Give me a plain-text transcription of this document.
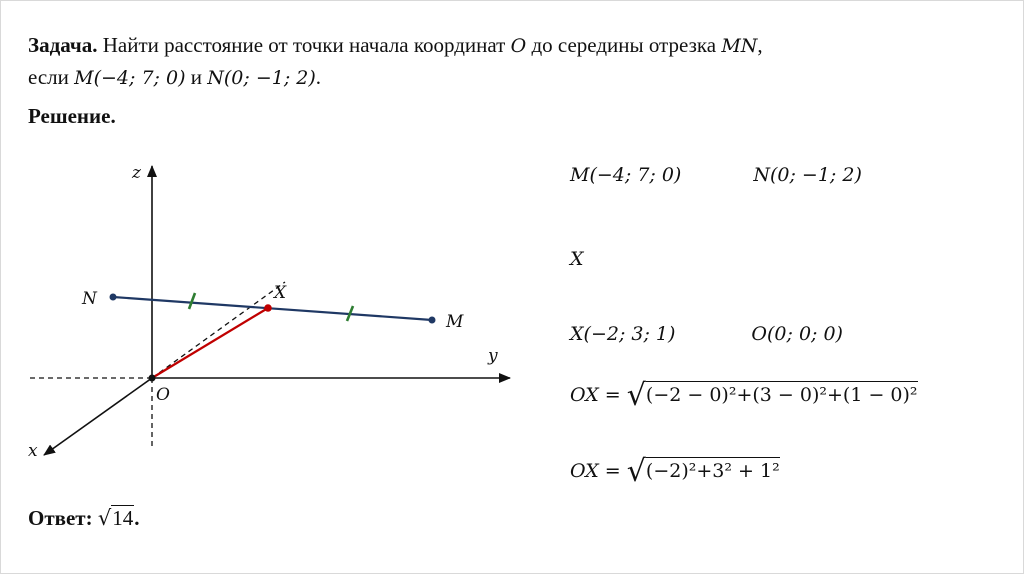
Задача. Найти расстояние от точки начала координат O до середины отрезка MN,
если M(−4; 7; 0) и N(0; −1; 2).
Решение.
z
y
x
N
M
X
O
M(−4; 7; 0)	N(0; −1; 2)
X
X(−2; 3; 1)	O(0; 0; 0)
OX = √(−2 − 0)²+(3 − 0)²+(1 − 0)²
OX = √(−2)²+3² + 1²
Ответ: √14.
